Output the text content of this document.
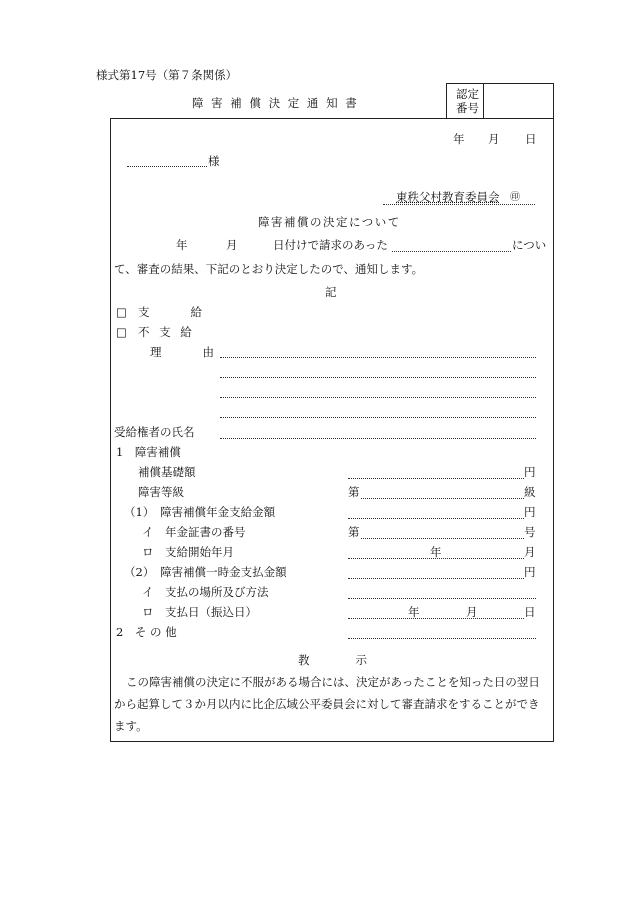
様式第17号（第７条関係）
障 害 補 償 決 定 通 知 書
認定
番号
年 月 日
様
東秩父村教育委員会 ㊞
障害補償の決定について
年	月	日付けで請求のあった	につい
て、審査の結果、下記のとおり決定したので、通知します。
記
□ 支　　給
□ 不 支 給
理　　由
受給権者の氏名
1　障害補償
補償基礎額	円
障害等級	第	級
（1）　障害補償年金支給金額	円
イ　年金証書の番号	第	号
ロ　支給開始年月	年	月
（2）　障害補償一時金支払金額	円
イ　支払の場所及び方法
ロ　支払日（振込日）	年	月	日
2　そ の 他
教　　　　示
この障害補償の決定に不服がある場合には、決定があったことを知った日の翌日
から起算して３か月以内に比企広域公平委員会に対して審査請求をすることができ
ます。
